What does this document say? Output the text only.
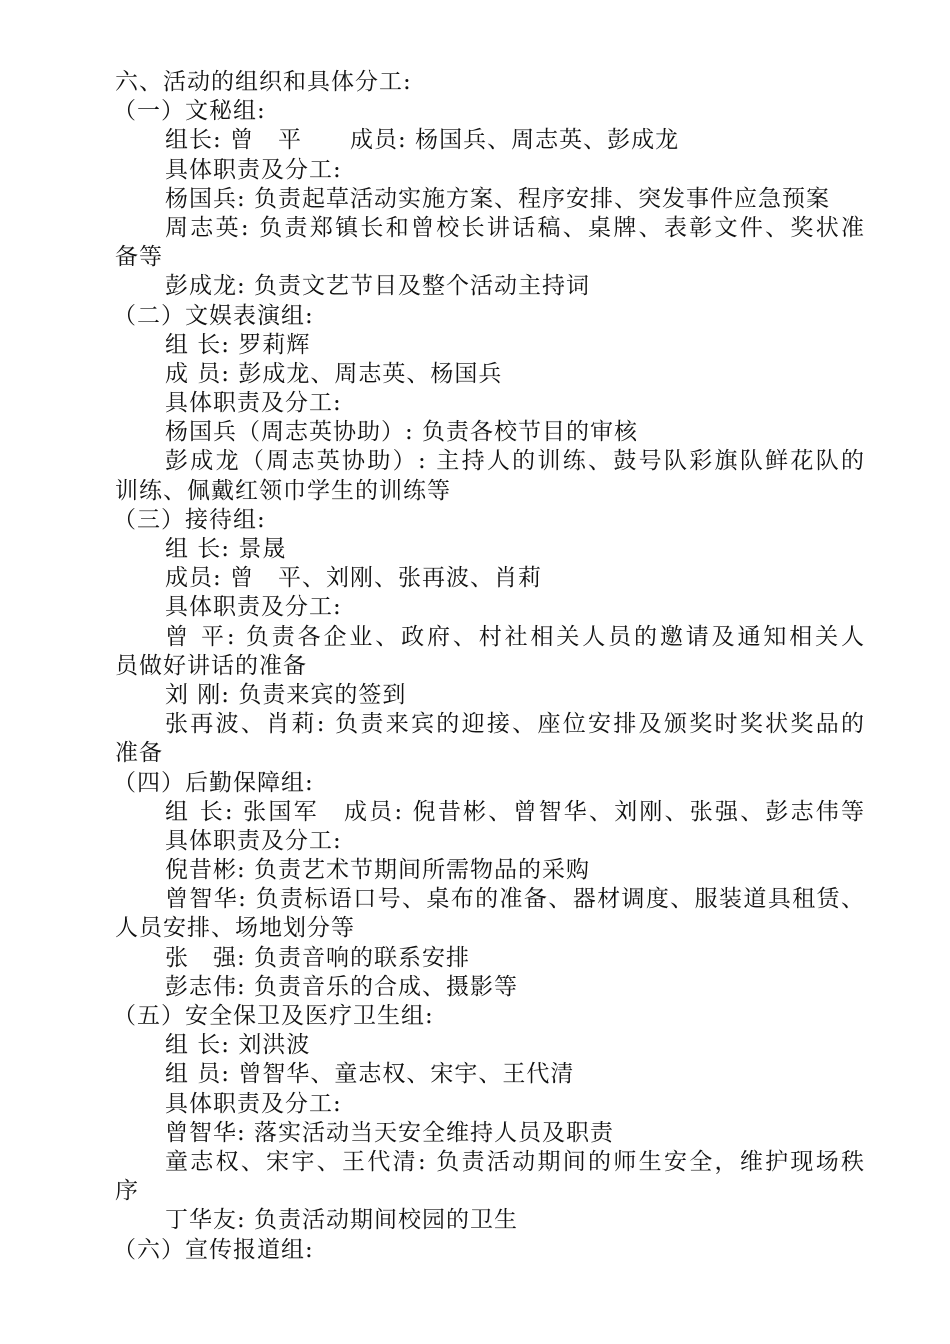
六、活动的组织和具体分工:
（一）文秘组:
组长: 曾　平　　成员: 杨国兵、周志英、彭成龙
具体职责及分工:
杨国兵: 负责起草活动实施方案、程序安排、突发事件应急预案
周志英: 负责郑镇长和曾校长讲话稿、桌牌、表彰文件、奖状准
备等
彭成龙: 负责文艺节目及整个活动主持词
（二）文娱表演组:
组 长: 罗莉辉
成 员: 彭成龙、周志英、杨国兵
具体职责及分工:
杨国兵（周志英协助）: 负责各校节目的审核
彭成龙（周志英协助）: 主持人的训练、鼓号队彩旗队鲜花队的
训练、佩戴红领巾学生的训练等
（三）接待组:
组 长: 景晟
成员: 曾　平、刘刚、张再波、肖莉
具体职责及分工:
曾 平: 负责各企业、政府、村社相关人员的邀请及通知相关人
员做好讲话的准备
刘 刚: 负责来宾的签到
张再波、肖莉: 负责来宾的迎接、座位安排及颁奖时奖状奖品的
准备
（四）后勤保障组:
组 长: 张国军　成员: 倪昔彬、曾智华、刘刚、张强、彭志伟等
具体职责及分工:
倪昔彬: 负责艺术节期间所需物品的采购
曾智华: 负责标语口号、桌布的准备、器材调度、服装道具租赁、
人员安排、场地划分等
张　强: 负责音响的联系安排
彭志伟: 负责音乐的合成、摄影等
（五）安全保卫及医疗卫生组:
组 长: 刘洪波
组 员: 曾智华、童志权、宋宇、王代清
具体职责及分工:
曾智华: 落实活动当天安全维持人员及职责
童志权、宋宇、王代清: 负责活动期间的师生安全，维护现场秩
序
丁华友: 负责活动期间校园的卫生
（六）宣传报道组:
